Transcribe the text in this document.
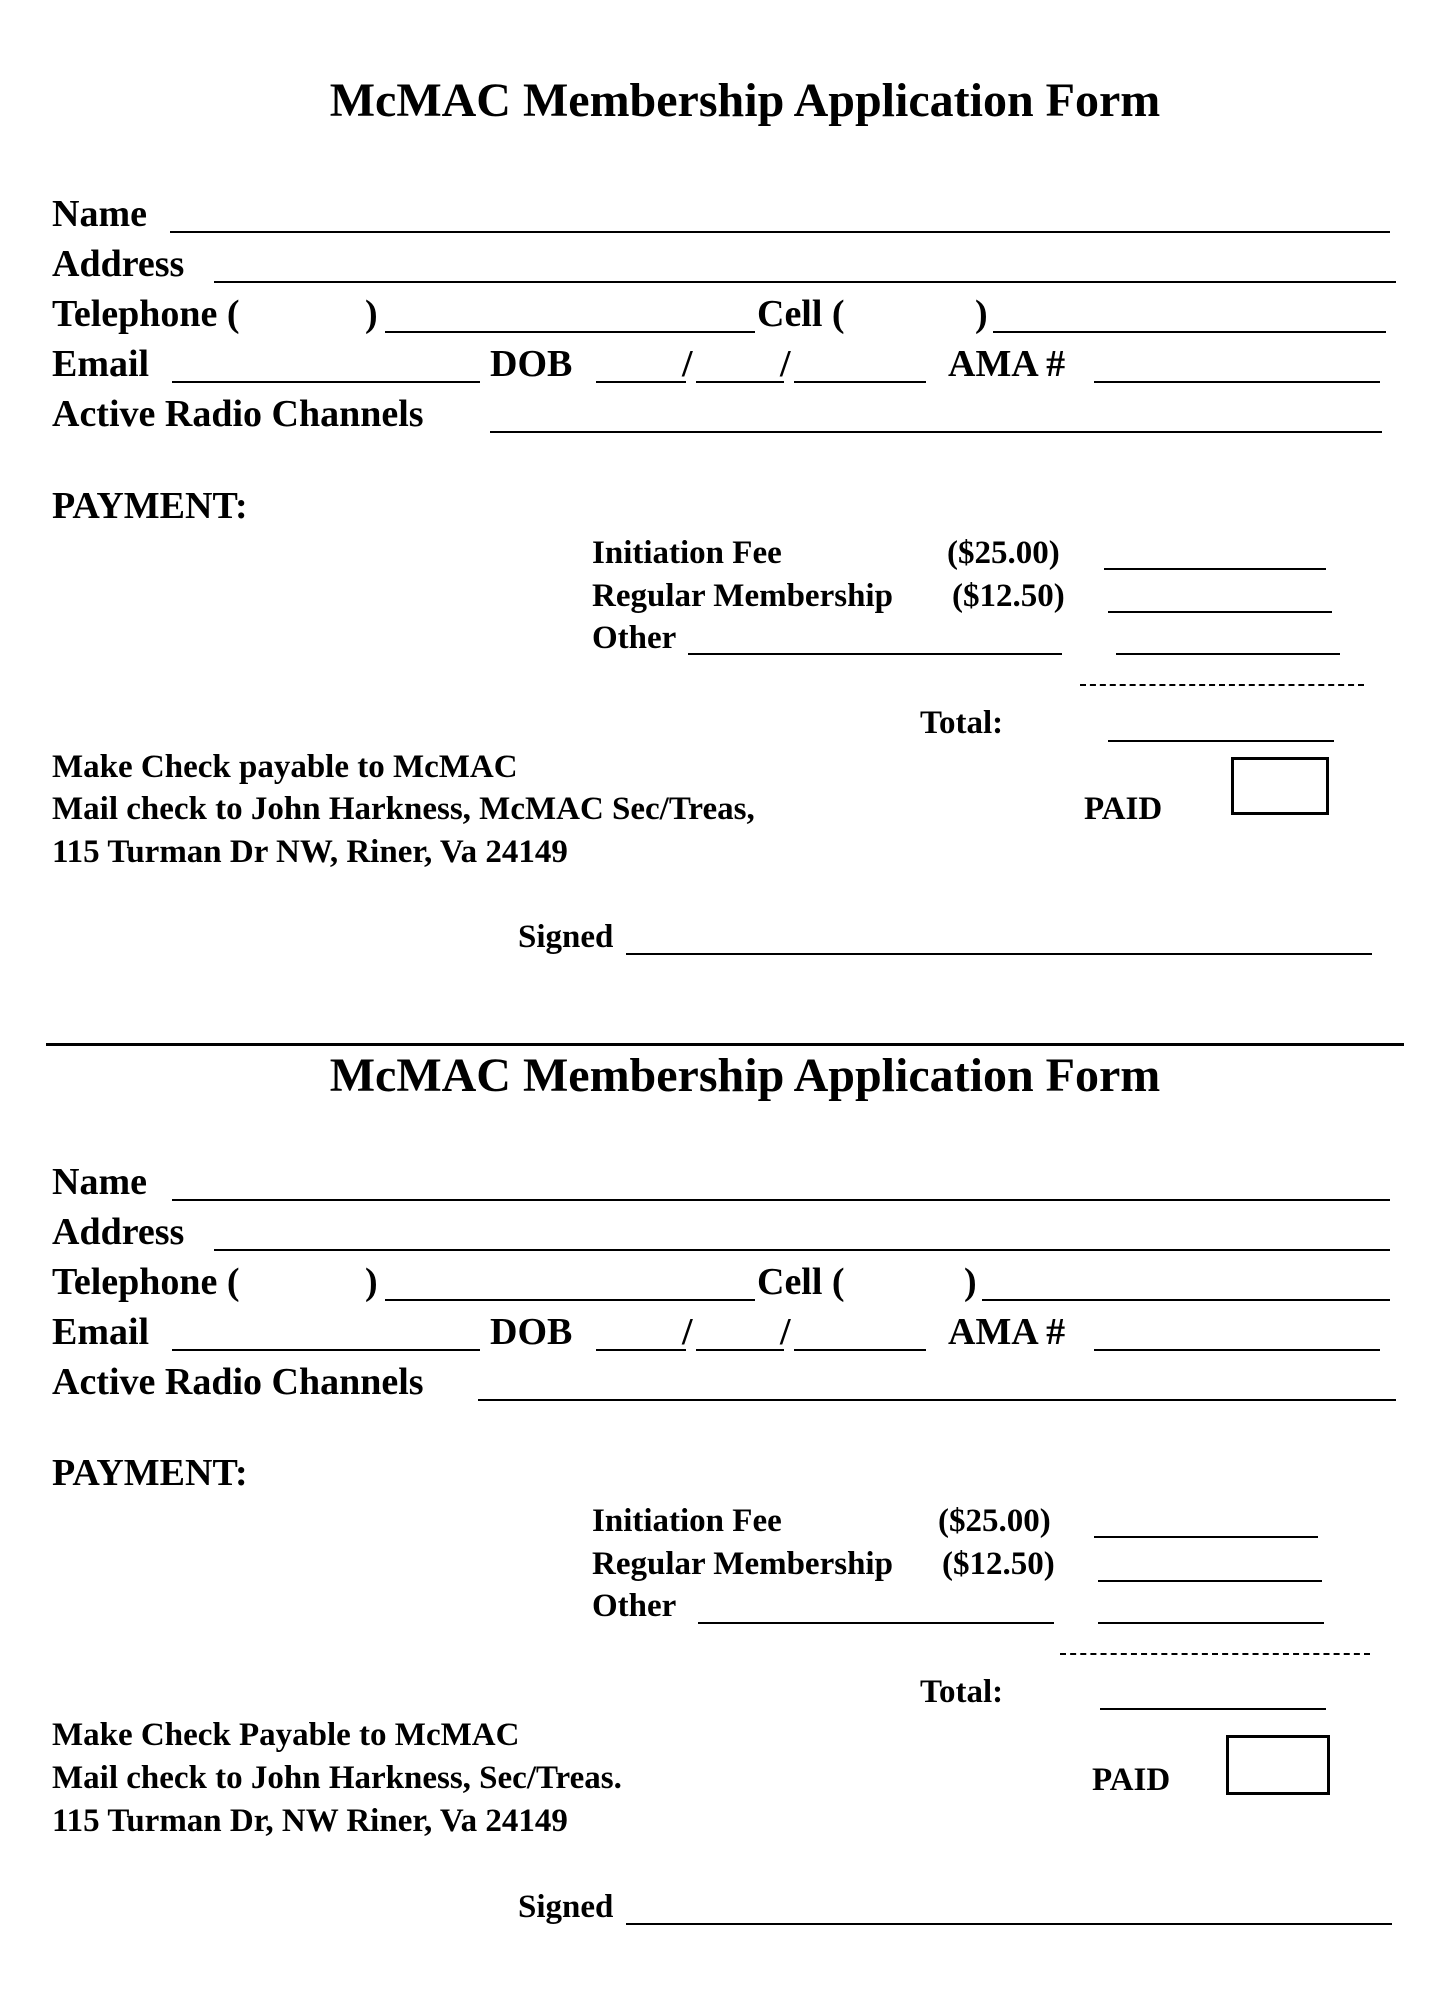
McMAC Membership Application Form
Name
Address
Telephone (	)	Cell (	)
Email	DOB	/ /	AMA #
Active Radio Channels
PAYMENT:
Initiation Fee	($25.00)
Regular Membership ($12.50)
Other
Total:
Make Check payable to McMAC
Mail check to John Harkness, McMAC Sec/Treas,
115 Turman Dr NW, Riner, Va 24149
PAID
Signed
McMAC Membership Application Form
Name
Address
Telephone (	)	Cell (	)
Email	DOB	/ /	AMA #
Active Radio Channels
PAYMENT:
Initiation Fee	($25.00)
Regular Membership ($12.50)
Other
Total:
Make Check Payable to McMAC
Mail check to John Harkness, Sec/Treas.
115 Turman Dr, NW Riner, Va 24149
PAID
Signed
